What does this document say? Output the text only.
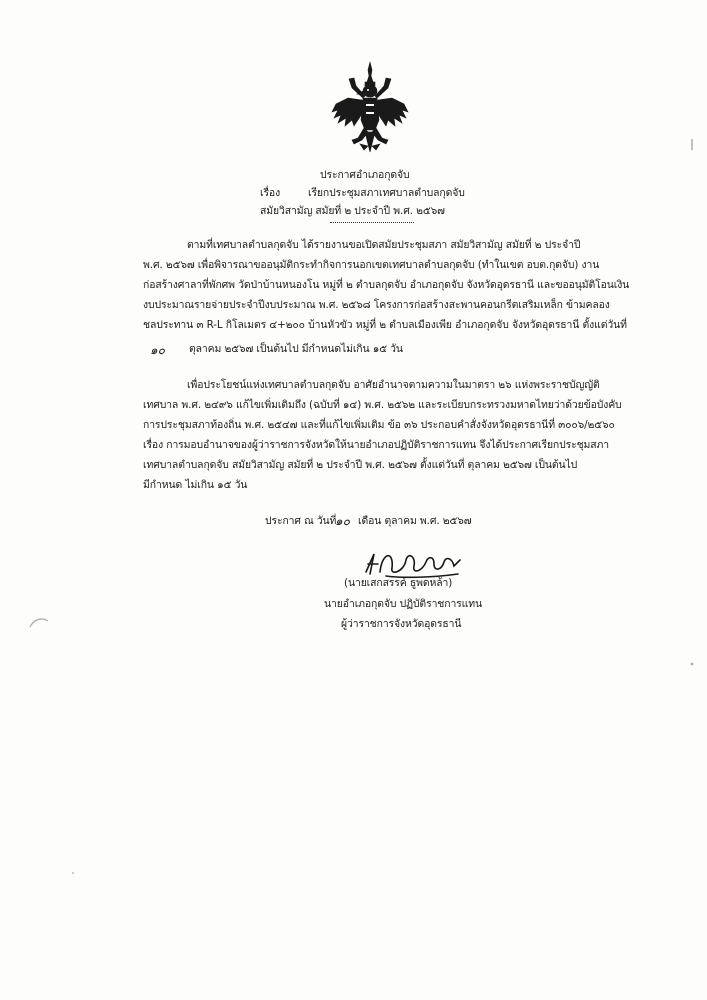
ประกาศอำเภอกุดจับ
เรื่อง	เรียกประชุมสภาเทศบาลตำบลกุดจับ
สมัยวิสามัญ สมัยที่ ๒ ประจำปี พ.ศ. ๒๕๖๗
ตามที่เทศบาลตำบลกุดจับ ได้รายงานขอเปิดสมัยประชุมสภา สมัยวิสามัญ สมัยที่ ๒ ประจำปี
พ.ศ. ๒๕๖๗ เพื่อพิจารณาขออนุมัติกระทำกิจการนอกเขตเทศบาลตำบลกุดจับ (ทำในเขต อบต.กุดจับ) งาน
ก่อสร้างศาลาที่พักศพ วัดป่าบ้านหนองโน หมู่ที่ ๒ ตำบลกุดจับ อำเภอกุดจับ จังหวัดอุดรธานี และขออนุมัติโอนเงิน
งบประมาณรายจ่ายประจำปีงบประมาณ พ.ศ. ๒๕๖๘ โครงการก่อสร้างสะพานคอนกรีตเสริมเหล็ก ข้ามคลอง
ชลประทาน ๓ R-L กิโลเมตร ๔+๒๐๐ บ้านหัวขัว หมู่ที่ ๒ ตำบลเมืองเพีย อำเภอกุดจับ จังหวัดอุดรธานี ตั้งแต่วันที่
๑๐ ตุลาคม ๒๕๖๗ เป็นต้นไป มีกำหนดไม่เกิน ๑๕ วัน
เพื่อประโยชน์แห่งเทศบาลตำบลกุดจับ อาศัยอำนาจตามความในมาตรา ๒๖ แห่งพระราชบัญญัติ
เทศบาล พ.ศ. ๒๔๙๖ แก้ไขเพิ่มเติมถึง (ฉบับที่ ๑๔) พ.ศ. ๒๕๖๒ และระเบียบกระทรวงมหาดไทยว่าด้วยข้อบังคับ
การประชุมสภาท้องถิ่น พ.ศ. ๒๕๔๗ และที่แก้ไขเพิ่มเติม ข้อ ๓๖ ประกอบคำสั่งจังหวัดอุดรธานีที่ ๓๐๐๖/๒๕๖๐
เรื่อง การมอบอำนาจของผู้ว่าราชการจังหวัดให้นายอำเภอปฏิบัติราชการแทน จึงได้ประกาศเรียกประชุมสภา
เทศบาลตำบลกุดจับ สมัยวิสามัญ สมัยที่ ๒ ประจำปี พ.ศ. ๒๕๖๗ ตั้งแต่วันที่ ตุลาคม ๒๕๖๗ เป็นต้นไป
มีกำหนด ไม่เกิน ๑๕ วัน
ประกาศ ณ วันที่
๑๐ เดือน ตุลาคม พ.ศ. ๒๕๖๗
(นายเสกสรรค์ ธูพดหล้า)
นายอำเภอกุดจับ ปฏิบัติราชการแทน
ผู้ว่าราชการจังหวัดอุดรธานี
